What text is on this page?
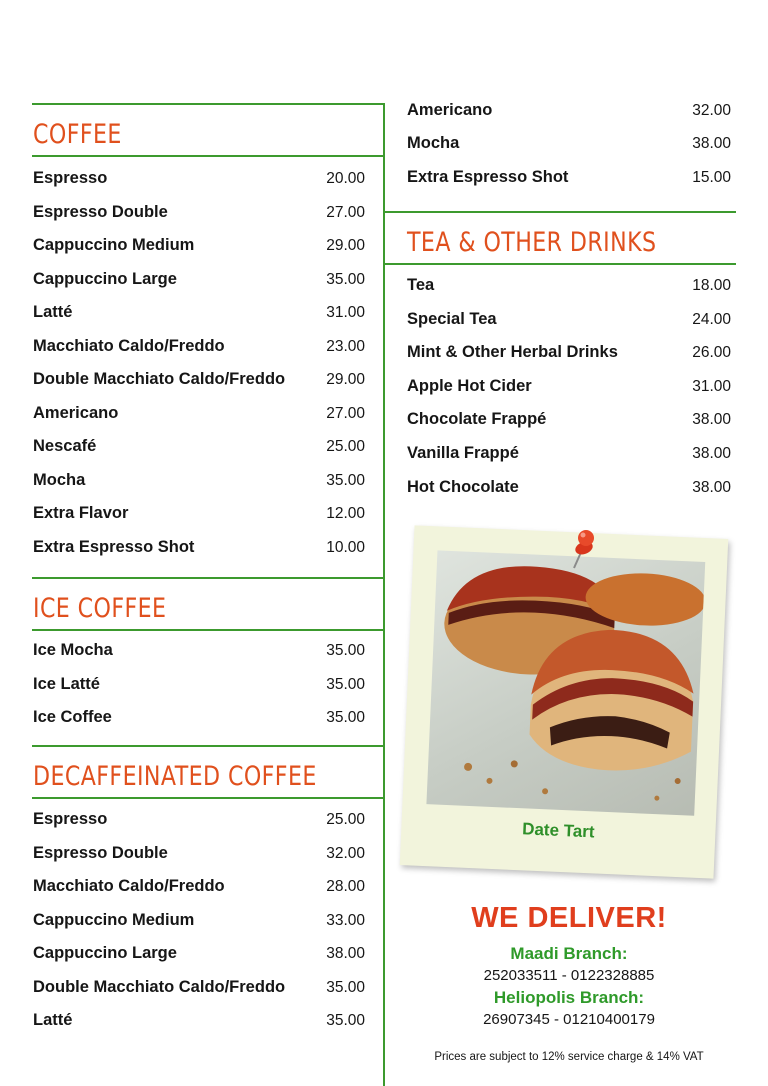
COFFEE
Espresso	20.00
Espresso Double	27.00
Cappuccino Medium	29.00
Cappuccino Large	35.00
Latté	31.00
Macchiato Caldo/Freddo	23.00
Double Macchiato Caldo/Freddo	29.00
Americano	27.00
Nescafé	25.00
Mocha	35.00
Extra Flavor	12.00
Extra Espresso Shot	10.00
ICE COFFEE
Ice Mocha	35.00
Ice Latté	35.00
Ice Coffee	35.00
DECAFFEINATED COFFEE
Espresso	25.00
Espresso Double	32.00
Macchiato Caldo/Freddo	28.00
Cappuccino Medium	33.00
Cappuccino Large	38.00
Double Macchiato Caldo/Freddo	35.00
Latté	35.00
Americano	32.00
Mocha	38.00
Extra Espresso Shot	15.00
TEA & OTHER DRINKS
Tea	18.00
Special Tea	24.00
Mint & Other Herbal Drinks	26.00
Apple Hot Cider	31.00
Chocolate Frappé	38.00
Vanilla Frappé	38.00
Hot Chocolate	38.00
Date Tart
WE DELIVER!
Maadi Branch:
252033511 - 0122328885
Heliopolis Branch:
26907345 - 01210400179
Prices are subject to 12% service charge & 14% VAT
